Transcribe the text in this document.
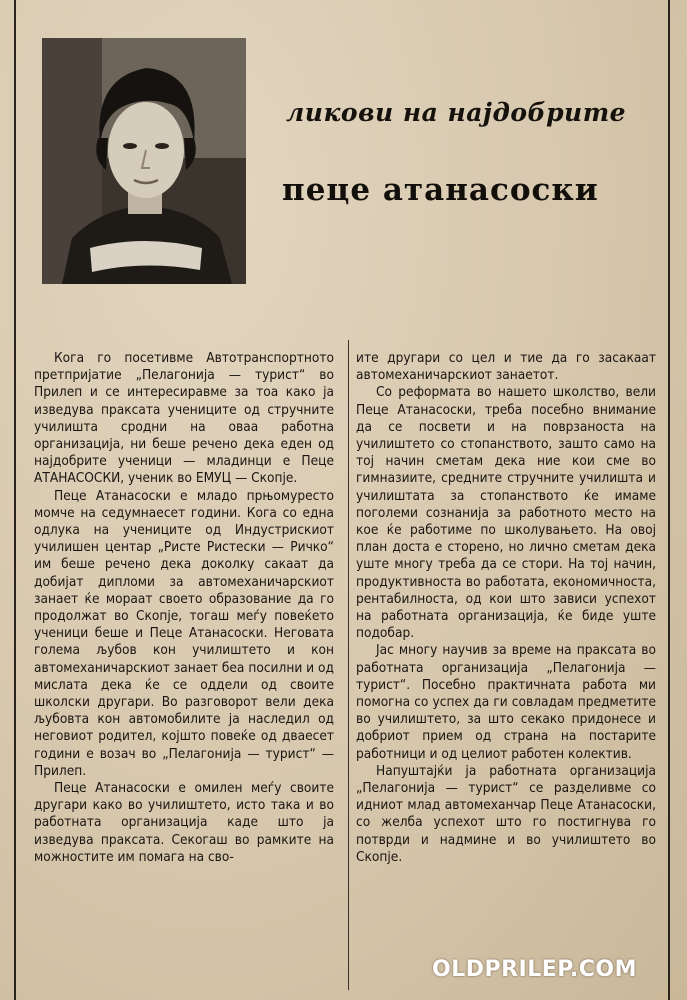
ликови на најдобрите
пеце атанасоски

Кога го посетивме Автотранспортното претпријатие „Пелагонија — турист“ во Прилеп и се интересиравме за тоа како ја изведува праксата учениците од стручните училишта сродни на оваа работна организација, ни беше речено дека еден од најдобрите ученици — младинци е Пеце АТАНАСОСКИ, ученик во ЕМУЦ — Скопје.

Пеце Атанасоски е младо прњомуресто момче на седумнаесет години. Кога со една одлука на учениците од Индустрискиот училишен центар „Ристе Ристески — Ричко“ им беше речено дека доколку сакаат да добијат дипломи за автомеханичарскиот занает ќе мораат своето образование да го продолжат во Скопје, тогаш меѓу повеќето ученици беше и Пеце Атанасоски. Неговата голема љубов кон училиштето и кон автомеханичарскиот занает беа посилни и од мислата дека ќе се оддели од своите школски другари. Во разговорот вели дека љубовта кон автомобилите ја наследил од неговиот родител, којшто повеќе од дваесет години е возач во „Пелагонија — турист“ — Прилеп.

Пеце Атанасоски е омилен меѓу своите другари како во училиштето, исто така и во работната организација каде што ја изведува праксата. Секогаш во рамките на можностите им помага на сво-

ите другари со цел и тие да го засакаат автомеханичарскиот занаетот.

Со реформата во нашето школство, вели Пеце Атанасоски, треба посебно внимание да се посвети и на поврзаноста на училиштето со стопанството, зашто само на тој начин сметам дека ние кои сме во гимназиите, средните стручните училишта и училиштата за стопанството ќе имаме поголеми сознанија за работното место на кое ќе работиме по школувањето. На овој план доста е сторено, но лично сметам дека уште многу треба да се стори. На тој начин, продуктивноста во работата, економичноста, рентабилноста, од кои што зависи успехот на работната организација, ќе биде уште подобар.

Јас многу научив за време на праксата во работната организација „Пелагонија — турист“. Посебно практичната работа ми помогна со успех да ги совладам предметите во училиштето, за што секако придонесе и добриот прием од страна на постарите работници и од целиот работен колектив.

Напуштајќи ја работната организација „Пелагонија — турист“ се разделивме со идниот млад автомеханчар Пеце Атанасоски, со желба успехот што го постигнува го потврди и надмине и во училиштето во Скопје.

OLDPRILEP.COM
